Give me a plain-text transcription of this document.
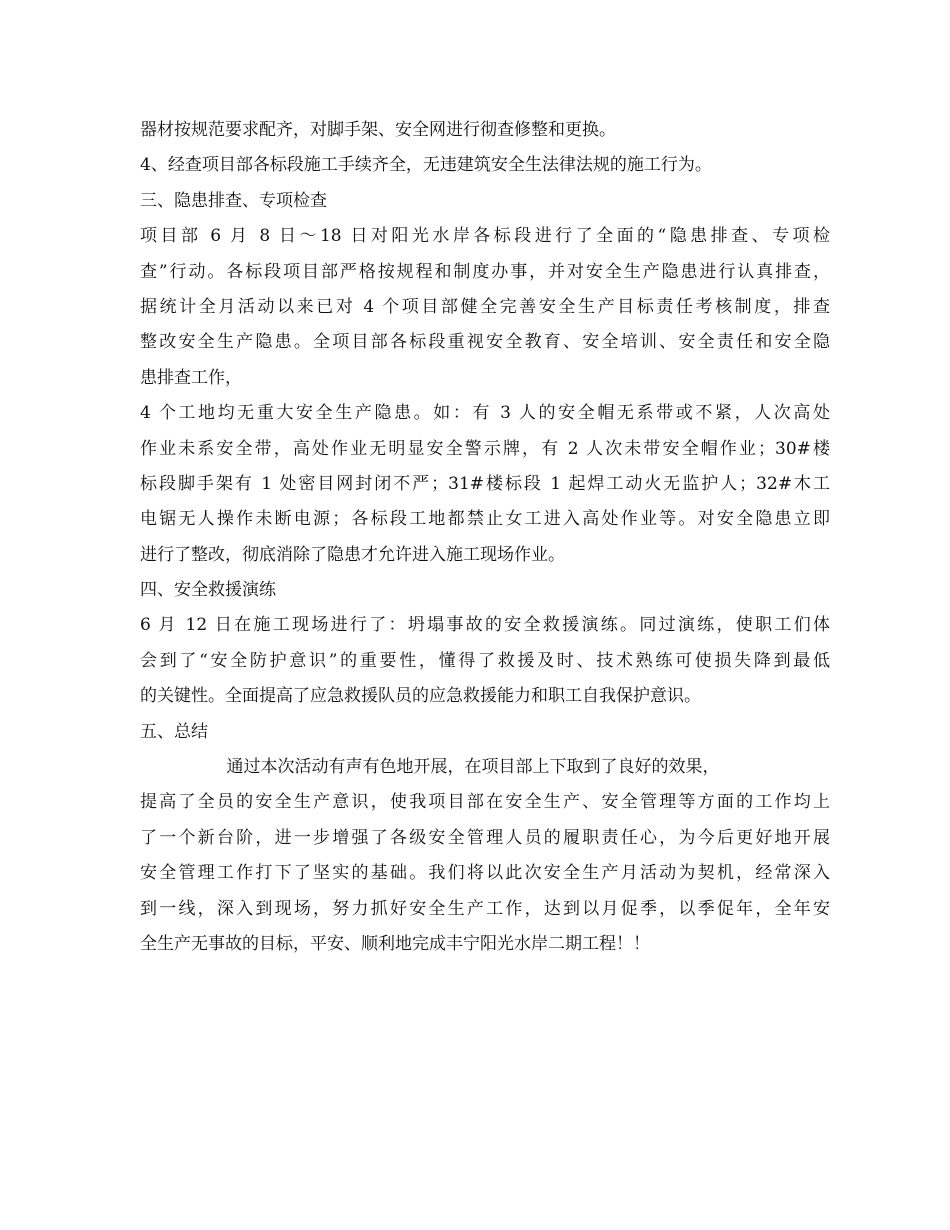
器材按规范要求配齐，对脚手架、安全网进行彻查修整和更换。
4、经查项目部各标段施工手续齐全，无违建筑安全生法律法规的施工行为。
三、隐患排查、专项检查
项目部 6 月 8 日～18 日对阳光水岸各标段进行了全面的“隐患排查、专项检
查”行动。各标段项目部严格按规程和制度办事，并对安全生产隐患进行认真排查，
据统计全月活动以来已对 4 个项目部健全完善安全生产目标责任考核制度，排查
整改安全生产隐患。全项目部各标段重视安全教育、安全培训、安全责任和安全隐
患排查工作，
4 个工地均无重大安全生产隐患。如：有 3 人的安全帽无系带或不紧，人次高处
作业未系安全带，高处作业无明显安全警示牌，有 2 人次未带安全帽作业；30#楼
标段脚手架有 1 处密目网封闭不严；31#楼标段 1 起焊工动火无监护人；32#木工
电锯无人操作未断电源；各标段工地都禁止女工进入高处作业等。对安全隐患立即
进行了整改，彻底消除了隐患才允许进入施工现场作业。
四、安全救援演练
6 月 12 日在施工现场进行了：坍塌事故的安全救援演练。同过演练，使职工们体
会到了“安全防护意识”的重要性，懂得了救援及时、技术熟练可使损失降到最低
的关键性。全面提高了应急救援队员的应急救援能力和职工自我保护意识。
五、总结
通过本次活动有声有色地开展，在项目部上下取到了良好的效果，
提高了全员的安全生产意识，使我项目部在安全生产、安全管理等方面的工作均上
了一个新台阶，进一步增强了各级安全管理人员的履职责任心，为今后更好地开展
安全管理工作打下了坚实的基础。我们将以此次安全生产月活动为契机，经常深入
到一线，深入到现场，努力抓好安全生产工作，达到以月促季，以季促年，全年安
全生产无事故的目标，平安、顺利地完成丰宁阳光水岸二期工程！！
